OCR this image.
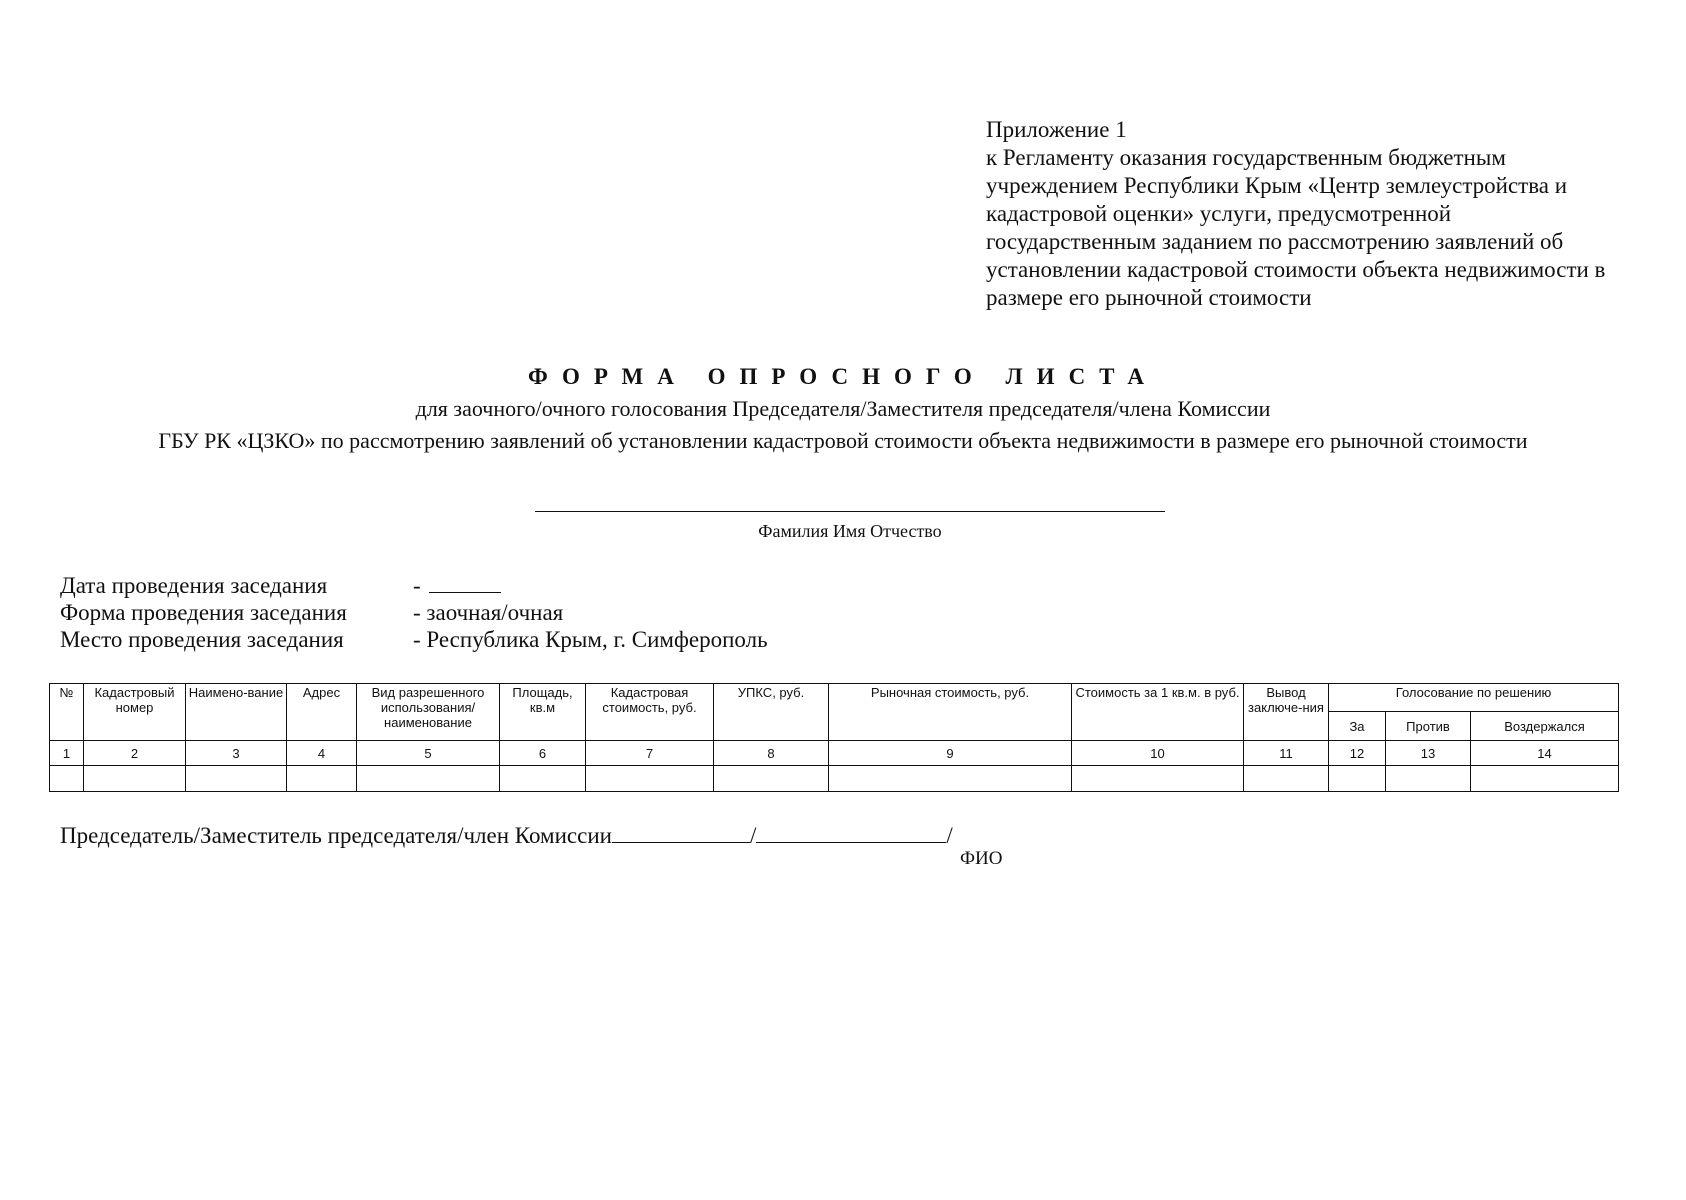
Приложение 1
к Регламенту оказания государственным бюджетным
учреждением Республики Крым «Центр землеустройства и
кадастровой оценки» услуги, предусмотренной
государственным заданием по рассмотрению заявлений об
установлении кадастровой стоимости объекта недвижимости в
размере его рыночной стоимости
ФОРМА ОПРОСНОГО ЛИСТА
для заочного/очного голосования Председателя/Заместителя председателя/члена Комиссии
ГБУ РК «ЦЗКО» по рассмотрению заявлений об установлении кадастровой стоимости объекта недвижимости в размере его рыночной стоимости
Фамилия Имя Отчество
Дата проведения заседания	-
Форма проведения заседания	- заочная/очная
Место проведения заседания	- Республика Крым, г. Симферополь
№	Кадастровый номер	Наимено-вание	Адрес	Вид разрешенного использования/ наименование	Площадь, кв.м	Кадастровая стоимость, руб.	УПКС, руб.	Рыночная стоимость, руб.	Стоимость за 1 кв.м. в руб.	Вывод заключе-ния	Голосование по решению		
											За	Против	Воздержался
1	2	3	4	5	6	7	8	9	10	11	12	13	14

Председатель/Заместитель председателя/член Комиссии	/	/
ФИО
